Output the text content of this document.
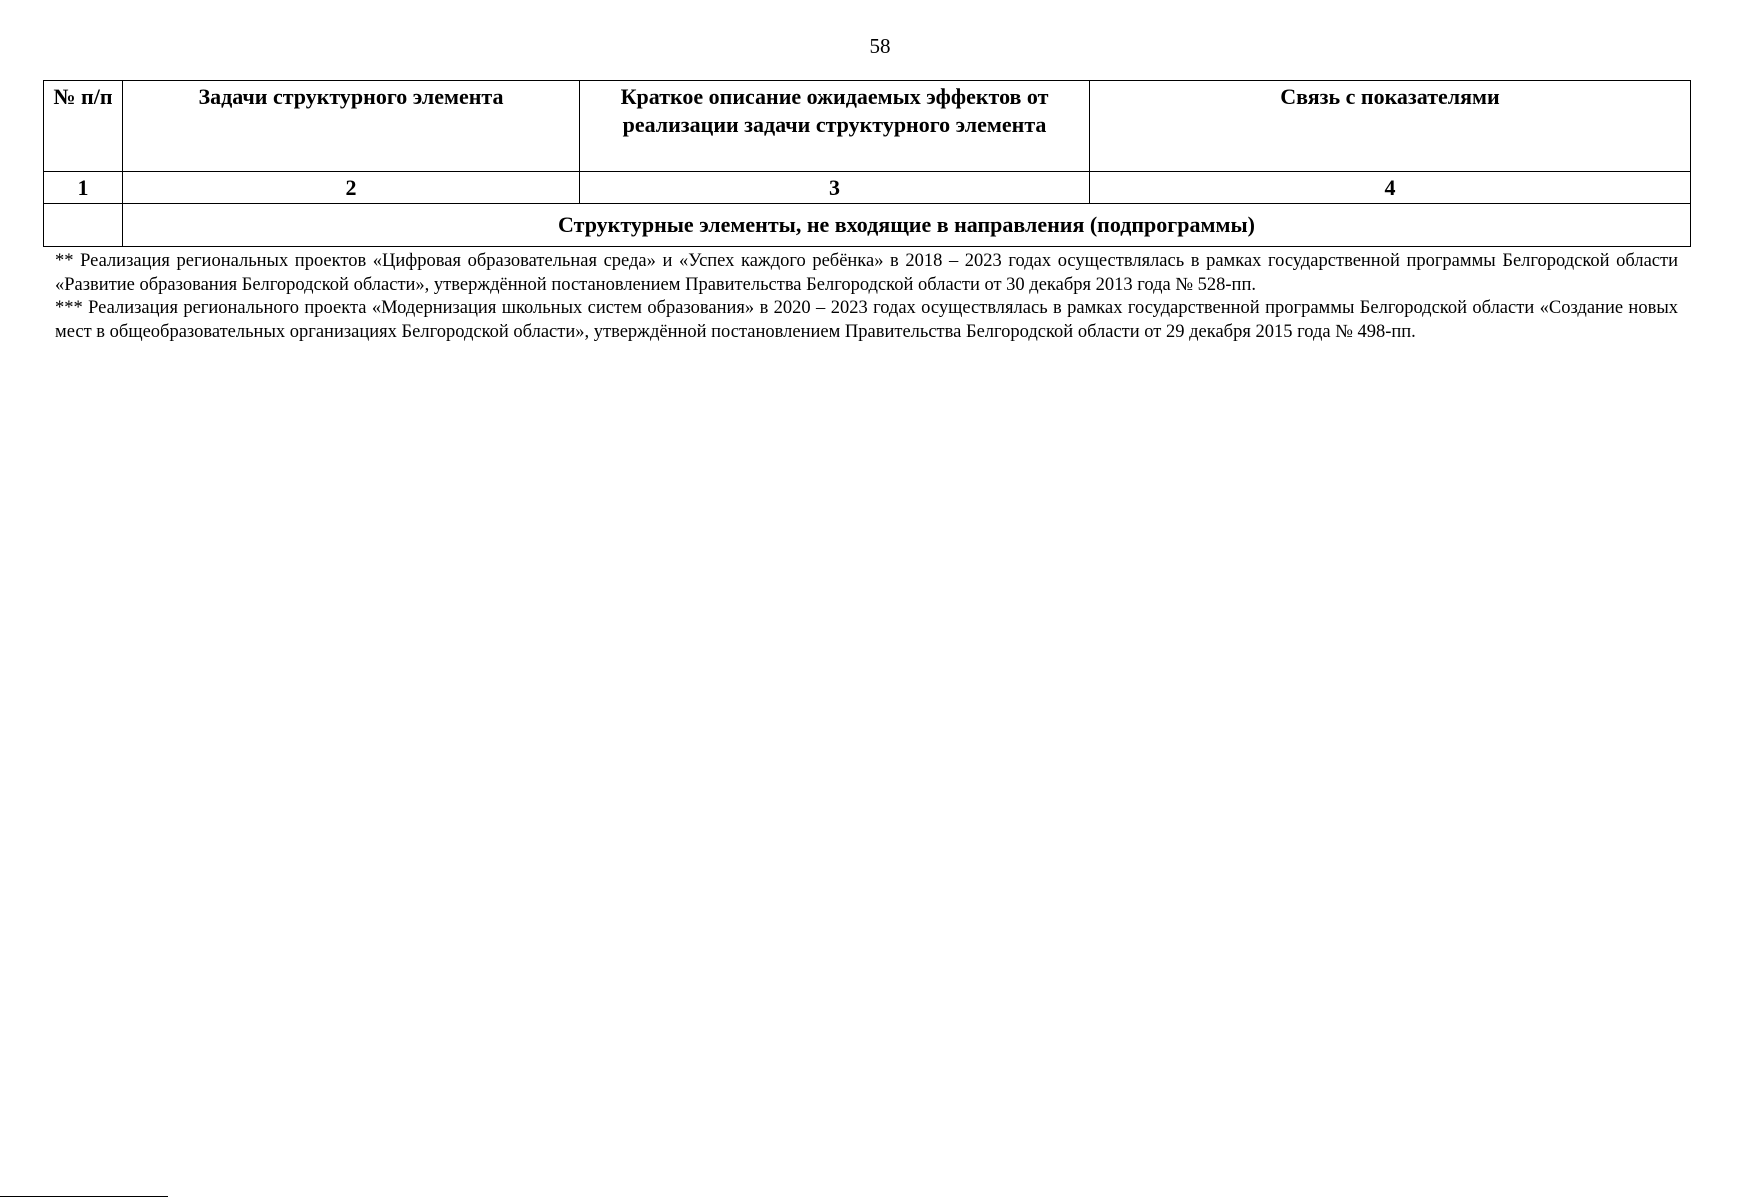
58
№ п/п	Задачи структурного элемента	Краткое описание ожидаемых эффектов от реализации задачи структурного элемента	Связь с показателями
1	2	3	4
	Структурные элементы, не входящие в направления (подпрограммы)		

** Реализация региональных проектов «Цифровая образовательная среда» и «Успех каждого ребёнка» в 2018 – 2023 годах осуществлялась в рамках государственной программы Белгородской области «Развитие образования Белгородской области», утверждённой постановлением Правительства Белгородской области от 30 декабря 2013 года № 528-пп.

*** Реализация регионального проекта «Модернизация школьных систем образования» в 2020 – 2023 годах осуществлялась в рамках государственной программы Белгородской области «Создание новых мест в общеобразовательных организациях Белгородской области», утверждённой постановлением Правительства Белгородской области от 29 декабря 2015 года № 498-пп.
